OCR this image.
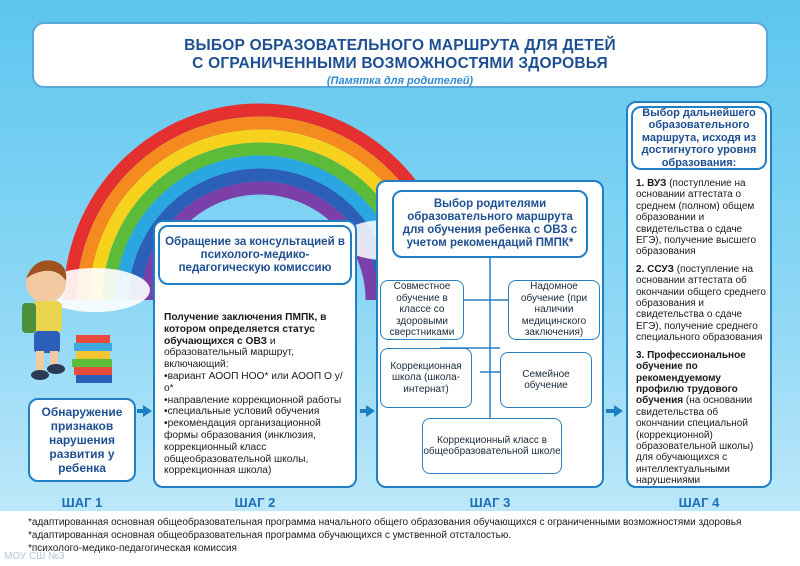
ВЫБОР ОБРАЗОВАТЕЛЬНОГО МАРШРУТА ДЛЯ ДЕТЕЙ
С ОГРАНИЧЕННЫМИ ВОЗМОЖНОСТЯМИ ЗДОРОВЬЯ
(Памятка для родителей)
Обнаружение признаков нарушения развития у ребенка
ШАГ 1
Обращение за консультацией в психолого-медико-педагогическую комиссию
Получение заключения ПМПК, в котором определяется статус обучающихся с ОВЗ и образовательный маршрут, включающий:
•вариант АООП НОО* или АООП О у/о*
•направление коррекционной работы
•специальные условий обучения
•рекомендация организационной формы образования (инклюзия, коррекционный класс общеобразовательной школы, коррекционная школа)
ШАГ 2
Выбор родителями образовательного маршрута для обучения ребенка с ОВЗ с учетом рекомендаций ПМПК*
Совместное обучение в классе со здоровыми сверстниками
Надомное обучение (при наличии медицинского заключения)
Коррекционная школа (школа-интернат)
Семейное обучение
Коррекционный класс в общеобразовательной школе
ШАГ 3
Выбор дальнейшего образовательного маршрута, исходя из достигнутого уровня образования:
1. ВУЗ (поступление на основании аттестата о среднем (полном) общем образовании и свидетельства о сдаче ЕГЭ), получение высшего образования
2. ССУЗ (поступление на основании аттестата об окончании общего среднего образования и свидетельства о сдаче ЕГЭ), получение среднего специального образования
3. Профессиональное обучение по рекомендуемому профилю трудового обучения (на основании свидетельства об окончании специальной (коррекционной) образовательной школы) для обучающихся с интеллектуальными нарушениями
ШАГ 4
*адаптированная основная общеобразовательная программа начального общего образования обучающихся с ограниченными возможностями здоровья
*адаптированная основная общеобразовательная программа обучающихся с умственной отсталостью.
*психолого-медико-педагогическая комиссия
МОУ СШ №3
